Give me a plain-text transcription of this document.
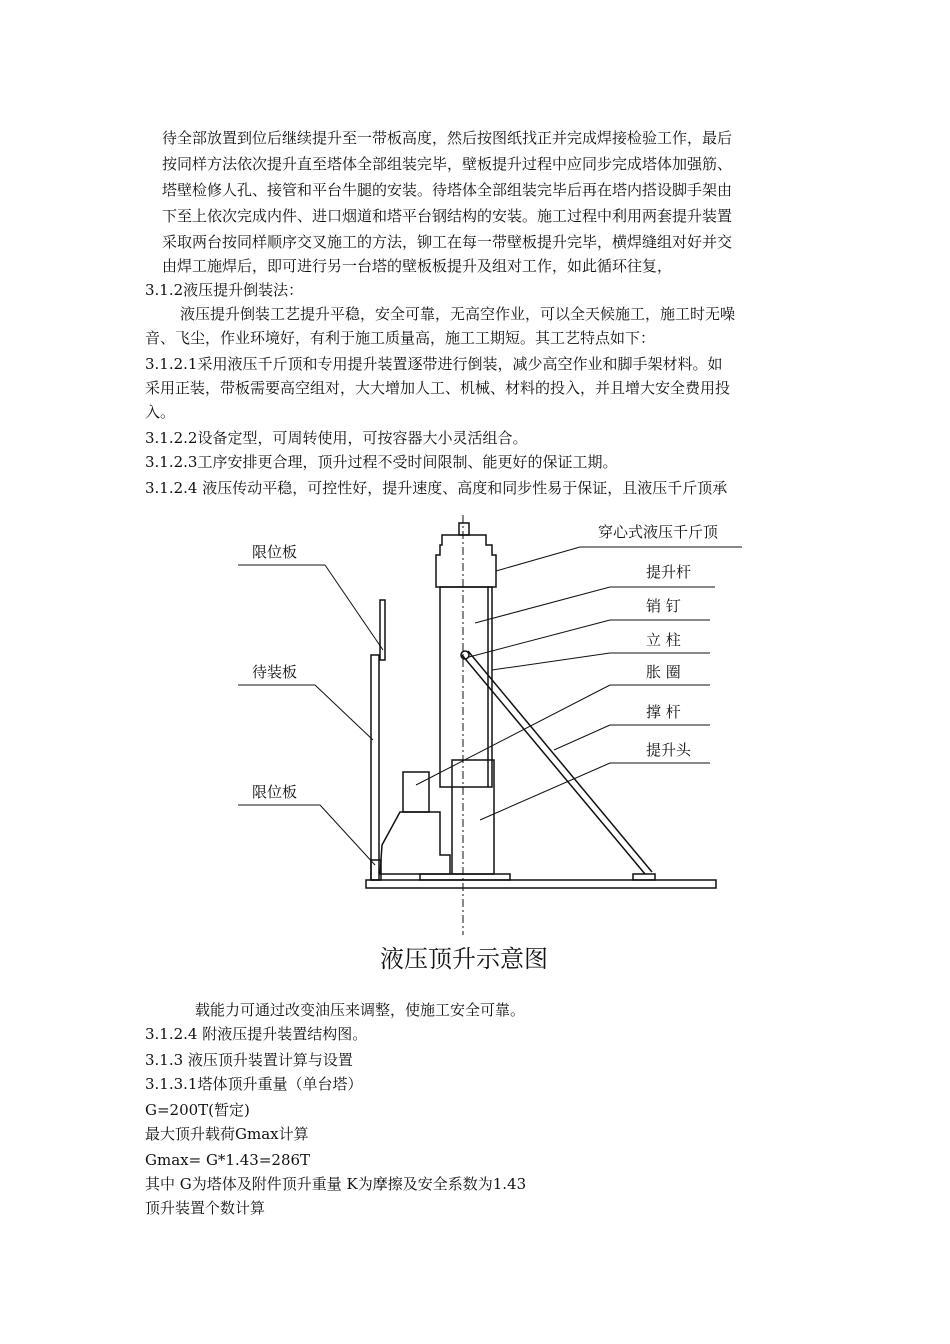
待全部放置到位后继续提升至一带板高度，然后按图纸找正并完成焊接检验工作，最后
按同样方法依次提升直至塔体全部组装完毕，壁板提升过程中应同步完成塔体加强筋、
塔壁检修人孔、接管和平台牛腿的安装。待塔体全部组装完毕后再在塔内搭设脚手架由
下至上依次完成内件、进口烟道和塔平台钢结构的安装。施工过程中利用两套提升装置
采取两台按同样顺序交叉施工的方法，铆工在每一带壁板提升完毕，横焊缝组对好并交
由焊工施焊后，即可进行另一台塔的壁板板提升及组对工作，如此循环往复，
3.1.2液压提升倒装法：
液压提升倒装工艺提升平稳，安全可靠，无高空作业，可以全天候施工，施工时无噪
音、飞尘，作业环境好，有利于施工质量高，施工工期短。其工艺特点如下：
3.1.2.1采用液压千斤顶和专用提升装置逐带进行倒装，减少高空作业和脚手架材料。如
采用正装，带板需要高空组对，大大增加人工、机械、材料的投入，并且增大安全费用投
入。
3.1.2.2设备定型，可周转使用，可按容器大小灵活组合。
3.1.2.3工序安排更合理，顶升过程不受时间限制、能更好的保证工期。
3.1.2.4 液压传动平稳，可控性好，提升速度、高度和同步性易于保证，且液压千斤顶承
限位板
待装板
限位板
穿心式液压千斤顶
提升杆
销 钉
立 柱
胀 圈
撑 杆
提升头
液压顶升示意图
载能力可通过改变油压来调整，使施工安全可靠。
3.1.2.4 附液压提升装置结构图。
3.1.3 液压顶升装置计算与设置
3.1.3.1塔体顶升重量（单台塔）
G=200T(暂定)
最大顶升载荷Gmax计算
Gmax= G*1.43=286T
其中 G为塔体及附件顶升重量 K为摩擦及安全系数为1.43
顶升装置个数计算
